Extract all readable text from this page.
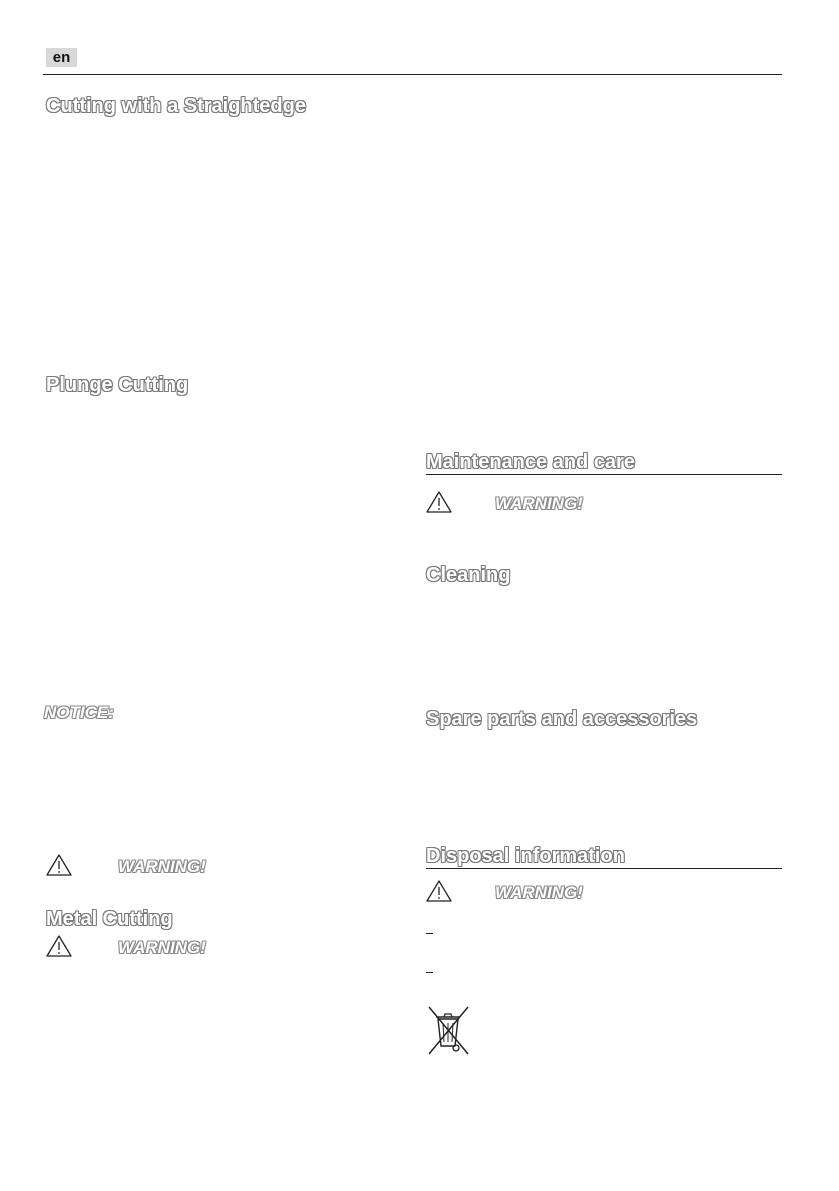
en
Cutting with a Straightedge
Plunge Cutting
NOTICE:
WARNING!
Metal Cutting
WARNING!
Maintenance and care
WARNING!
Cleaning
Spare parts and accessories
Disposal information
WARNING!
